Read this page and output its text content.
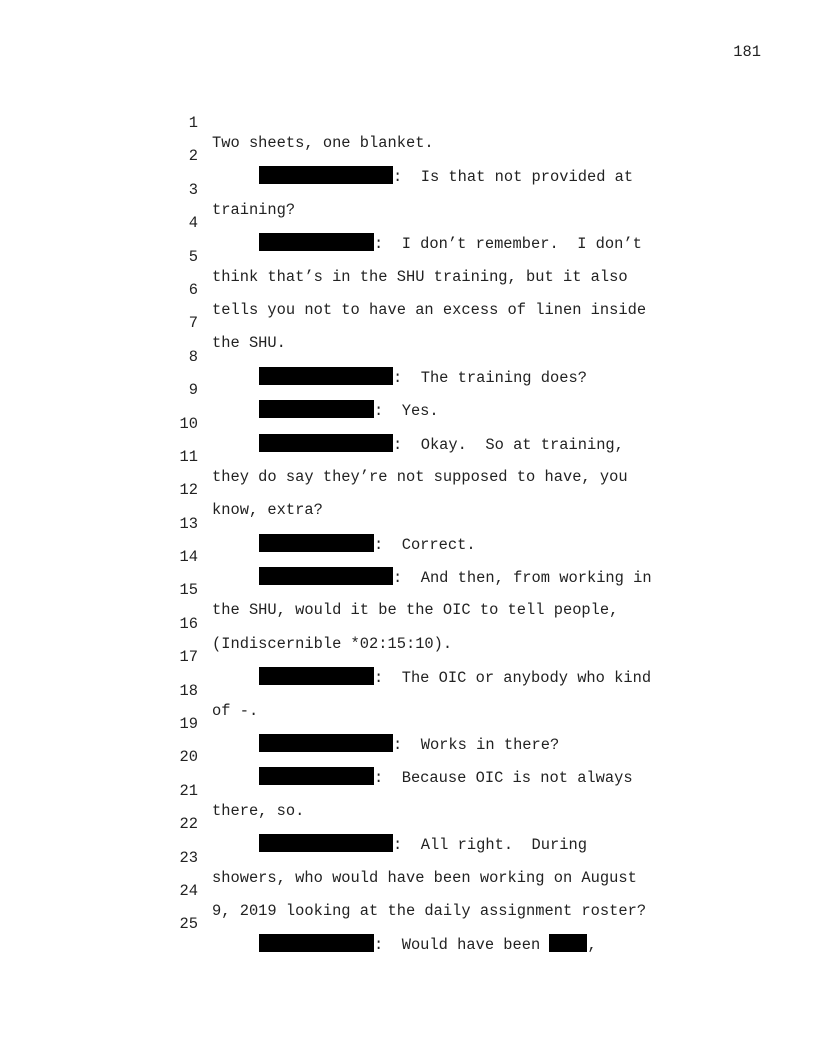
181

1

Two sheets, one blanket.

2

:  Is that not provided at

3

training?

4

:  I don’t remember.  I don’t

5

think that’s in the SHU training, but it also

6

tells you not to have an excess of linen inside

7

the SHU.

8

:  The training does?

9

:  Yes.

10

:  Okay.  So at training,

11

they do say they’re not supposed to have, you

12

know, extra?

13

:  Correct.

14

:  And then, from working in

15

the SHU, would it be the OIC to tell people,

16

(Indiscernible *02:15:10).

17

:  The OIC or anybody who kind

18

of -.

19

:  Works in there?

20

:  Because OIC is not always

21

there, so.

22

:  All right.  During

23

showers, who would have been working on August

24

9, 2019 looking at the daily assignment roster?

25

:  Would have been ,
